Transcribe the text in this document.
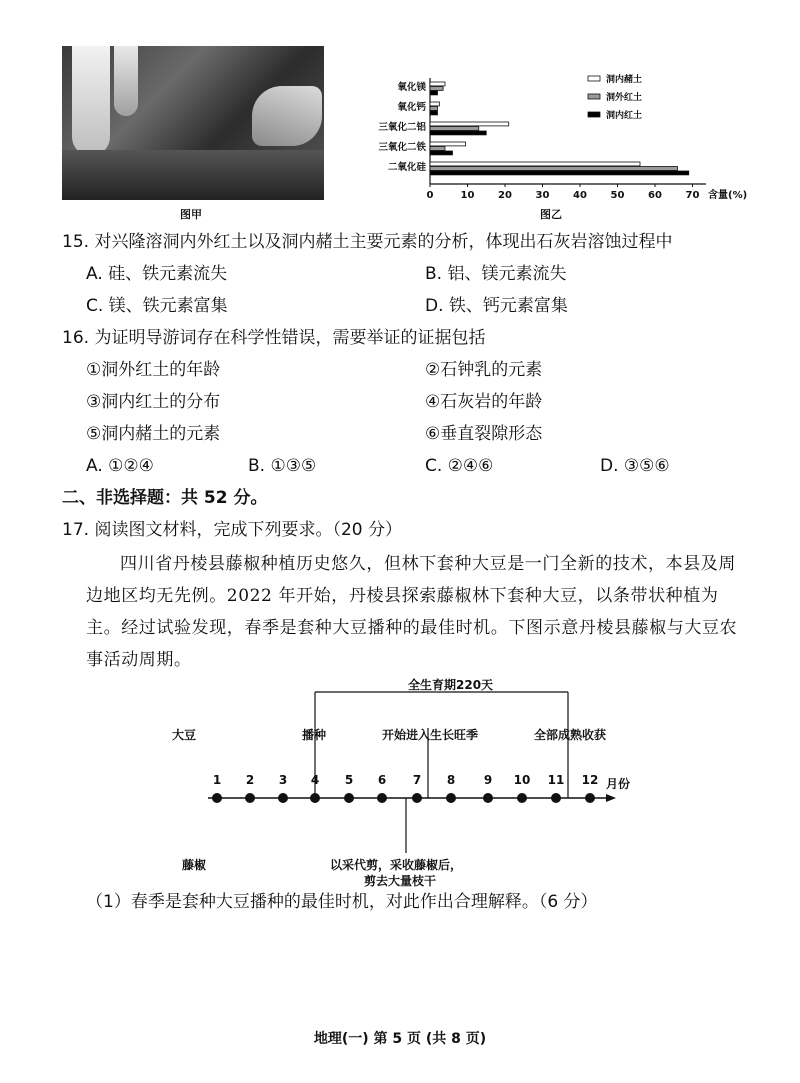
图甲
氧化镁
氧化钙
三氧化二铝
三氧化二铁
二氧化硅
0	10 20 30 40 50 60 70 含量(%)
洞内赭土
洞外红土
洞内红土
图乙
15. 对兴隆溶洞内外红土以及洞内赭土主要元素的分析，体现出石灰岩溶蚀过程中
A. 硅、铁元素流失	B. 铝、镁元素流失
C. 镁、铁元素富集	D. 铁、钙元素富集
16. 为证明导游词存在科学性错误，需要举证的证据包括
①洞外红土的年龄	②石钟乳的元素
③洞内红土的分布	④石灰岩的年龄
⑤洞内赭土的元素	⑥垂直裂隙形态
A. ①②④	B. ①③⑤	C. ②④⑥	D. ③⑤⑥
二、非选择题：共 52 分。
17. 阅读图文材料，完成下列要求。（20 分）
四川省丹棱县藤椒种植历史悠久，但林下套种大豆是一门全新的技术，本县及周边地区均无先例。2022 年开始，丹棱县探索藤椒林下套种大豆，以条带状种植为主。经过试验发现，春季是套种大豆播种的最佳时机。下图示意丹棱县藤椒与大豆农事活动周期。
1 2 3 4 5 6 7 8 9 10 11 12
全生育期220天
大豆	播种	开始进入生长旺季	全部成熟收获
月份
藤椒	以采代剪，采收藤椒后，
剪去大量枝干
（1）春季是套种大豆播种的最佳时机，对此作出合理解释。（6 分）
地理(一) 第 5 页 (共 8 页)
